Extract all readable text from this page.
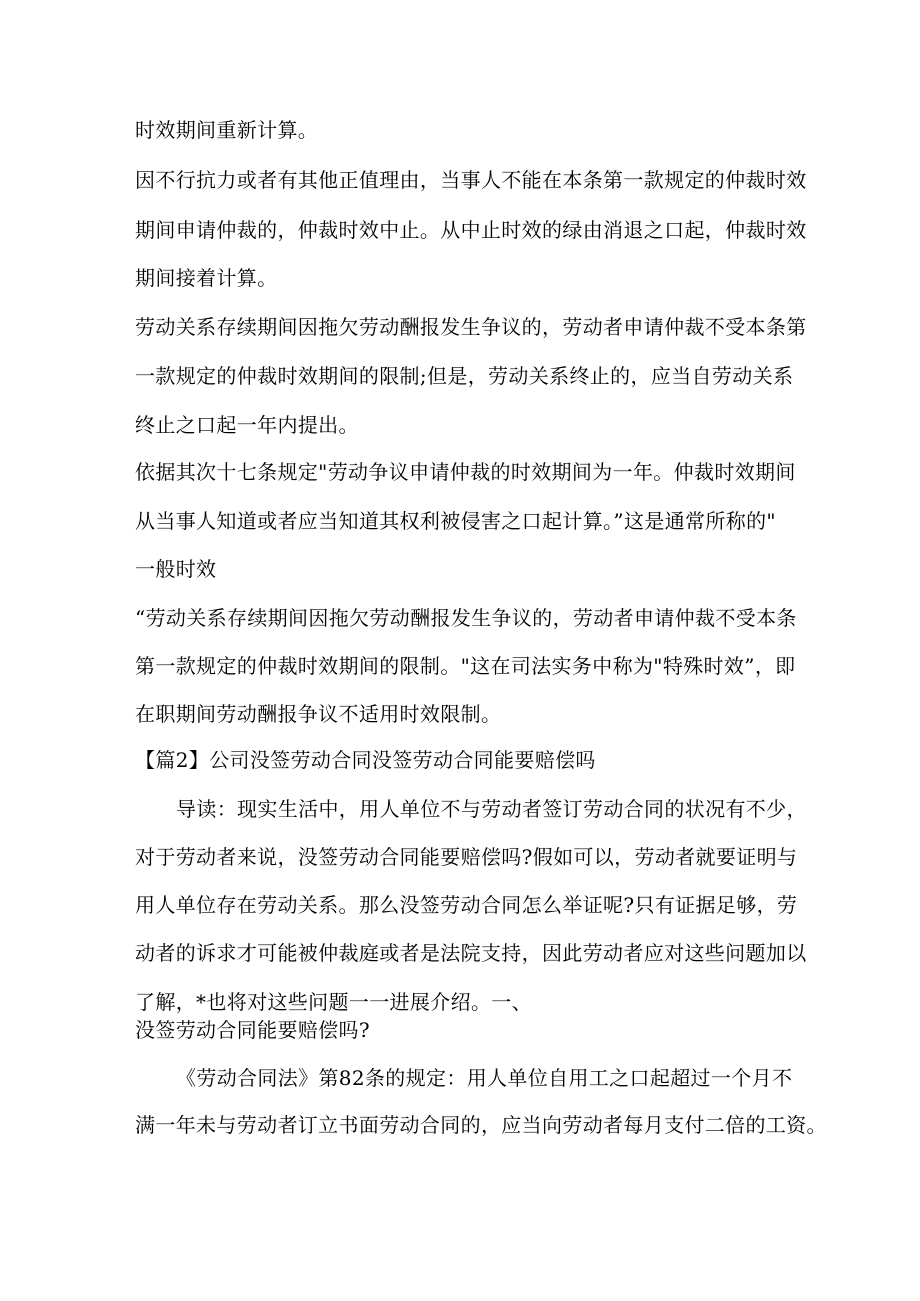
时效期间重新计算。
因不行抗力或者有其他正值理由，当事人不能在本条第一款规定的仲裁时效
期间申请仲裁的，仲裁时效中止。从中止时效的绿由消退之口起，仲裁时效
期间接着计算。
劳动关系存续期间因拖欠劳动酬报发生争议的，劳动者申请仲裁不受本条第
一款规定的仲裁时效期间的限制;但是，劳动关系终止的，应当自劳动关系
终止之口起一年内提出。
依据其次十七条规定"劳动争议申请仲裁的时效期间为一年。仲裁时效期间
从当事人知道或者应当知道其权利被侵害之口起计算。”这是通常所称的"
一般时效
“劳动关系存续期间因拖欠劳动酬报发生争议的，劳动者申请仲裁不受本条
第一款规定的仲裁时效期间的限制。"这在司法实务中称为"特殊时效”，即
在职期间劳动酬报争议不适用时效限制。
【篇2】公司没签劳动合同没签劳动合同能要赔偿吗
导读：现实生活中，用人单位不与劳动者签订劳动合同的状况有不少，
对于劳动者来说，没签劳动合同能要赔偿吗?假如可以，劳动者就要证明与
用人单位存在劳动关系。那么没签劳动合同怎么举证呢?只有证据足够，劳
动者的诉求才可能被仲裁庭或者是法院支持，因此劳动者应对这些问题加以
了解，*也将对这些问题一一进展介绍。一、
没签劳动合同能要赔偿吗?
《劳动合同法》第82条的规定：用人单位自用工之口起超过一个月不
满一年未与劳动者订立书面劳动合同的，应当向劳动者每月支付二倍的工资。
